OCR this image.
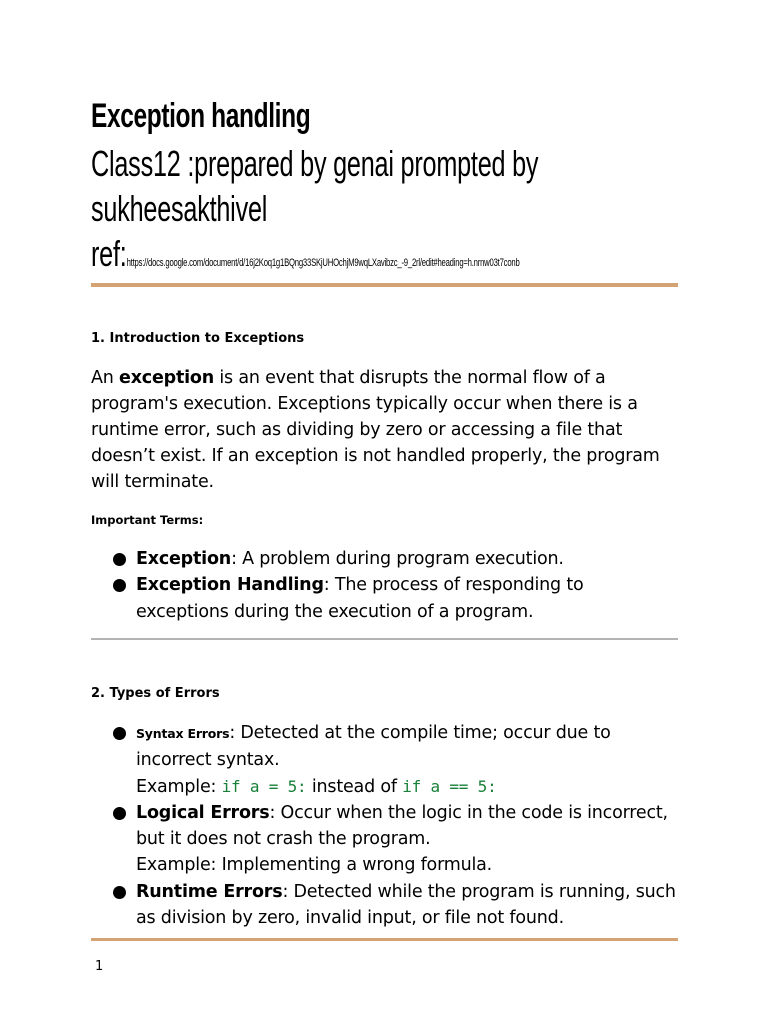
Exception handling
Class12 :prepared by genai prompted by sukheesakthivel
ref:https://docs.google.com/document/d/16j2Koq1g1BQng33SKjUHOchjM9wqLXavibzc_-9_2rl/edit#heading=h.nrnw03t7conb
1. Introduction to Exceptions
An exception is an event that disrupts the normal flow of a program's execution. Exceptions typically occur when there is a runtime error, such as dividing by zero or accessing a file that doesn’t exist. If an exception is not handled properly, the program will terminate.
Important Terms:
Exception: A problem during program execution.
Exception Handling: The process of responding to exceptions during the execution of a program.
2. Types of Errors
Syntax Errors: Detected at the compile time; occur due to incorrect syntax.
Example: if a = 5: instead of if a == 5:
Logical Errors: Occur when the logic in the code is incorrect, but it does not crash the program.
Example: Implementing a wrong formula.
Runtime Errors: Detected while the program is running, such as division by zero, invalid input, or file not found.
1
